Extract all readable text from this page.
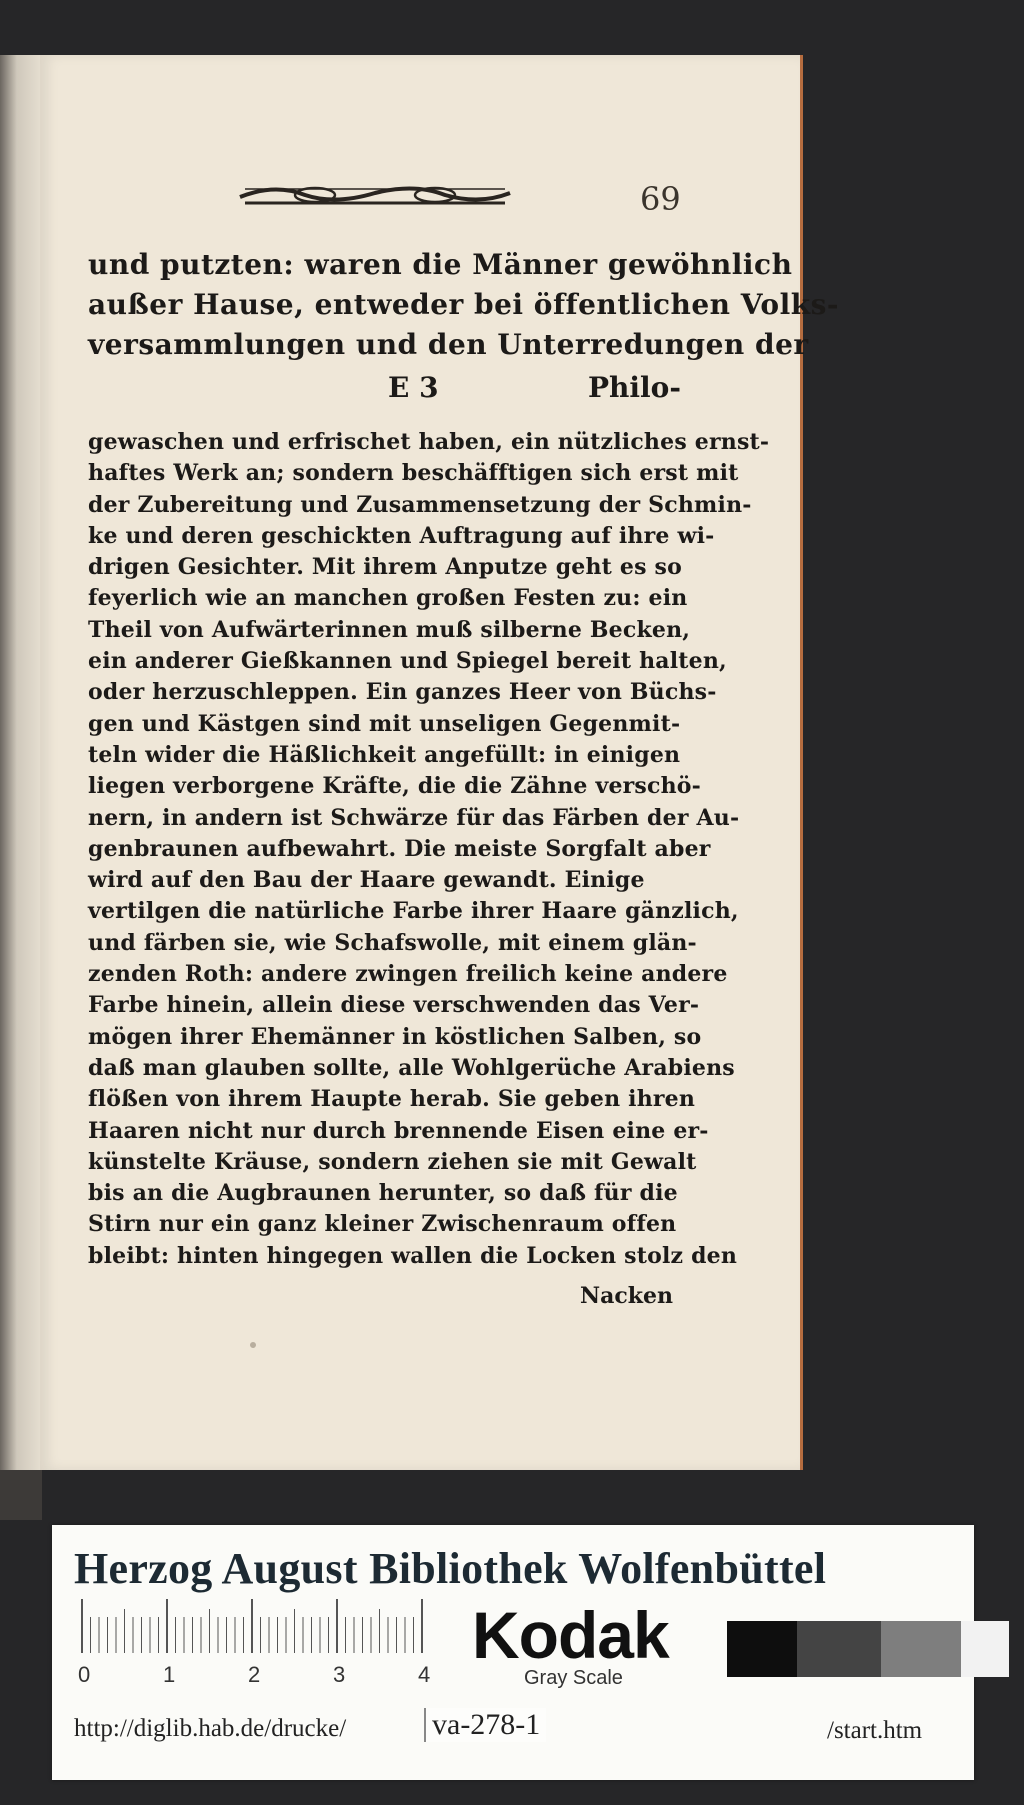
69
und putzten: waren die Männer gewöhnlich
außer Hause, entweder bei öffentlichen Volks-
versammlungen und den Unterredungen der
E 3	Philo-
gewaschen und erfrischet haben, ein nützliches ernst-
haftes Werk an; sondern beschäfftigen sich erst mit
der Zubereitung und Zusammensetzung der Schmin-
ke und deren geschickten Auftragung auf ihre wi-
drigen Gesichter. Mit ihrem Anputze geht es so
feyerlich wie an manchen großen Festen zu: ein
Theil von Aufwärterinnen muß silberne Becken,
ein anderer Gießkannen und Spiegel bereit halten,
oder herzuschleppen. Ein ganzes Heer von Büchs-
gen und Kästgen sind mit unseligen Gegenmit-
teln wider die Häßlichkeit angefüllt: in einigen
liegen verborgene Kräfte, die die Zähne verschö-
nern, in andern ist Schwärze für das Färben der Au-
genbraunen aufbewahrt. Die meiste Sorgfalt aber
wird auf den Bau der Haare gewandt. Einige
vertilgen die natürliche Farbe ihrer Haare gänzlich,
und färben sie, wie Schafswolle, mit einem glän-
zenden Roth: andere zwingen freilich keine andere
Farbe hinein, allein diese verschwenden das Ver-
mögen ihrer Ehemänner in köstlichen Salben, so
daß man glauben sollte, alle Wohlgerüche Arabiens
flößen von ihrem Haupte herab. Sie geben ihren
Haaren nicht nur durch brennende Eisen eine er-
künstelte Kräuse, sondern ziehen sie mit Gewalt
bis an die Augbraunen herunter, so daß für die
Stirn nur ein ganz kleiner Zwischenraum offen
bleibt: hinten hingegen wallen die Locken stolz den
Nacken
Herzog August Bibliothek Wolfenbüttel
0	1	2	3	4
Kodak
Gray Scale
http://diglib.hab.de/drucke/	va-278-1	/start.htm
